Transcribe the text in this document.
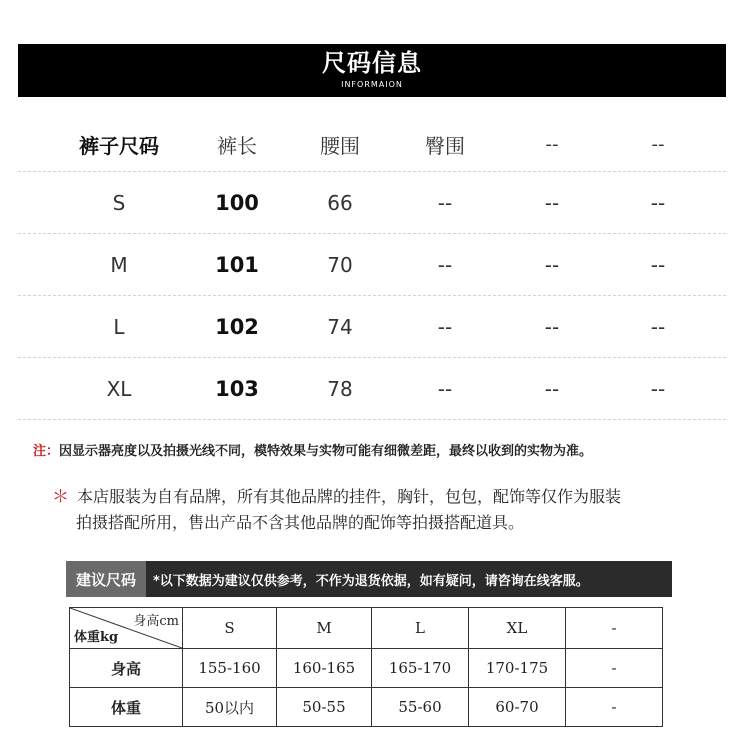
尺码信息
INFORMAION
裤子尺码	裤长	腰围	臀围	--	--
S	100	66	--	--	--
M	101	70	--	--	--
L	102	74	--	--	--
XL	103	78	--	--	--
注：因显示器亮度以及拍摄光线不同，模特效果与实物可能有细微差距，最终以收到的实物为准。
＊ 本店服装为自有品牌，所有其他品牌的挂件，胸针，包包，配饰等仅作为服装
拍摄搭配所用，售出产品不含其他品牌的配饰等拍摄搭配道具。
建议尺码	*以下数据为建议仅供参考，不作为退货依据，如有疑问，请咨询在线客服。
身高cm
体重kg	S	M	L	XL	-
身高	155-160	160-165	165-170	170-175	-
体重	50以内	50-55	55-60	60-70	-
